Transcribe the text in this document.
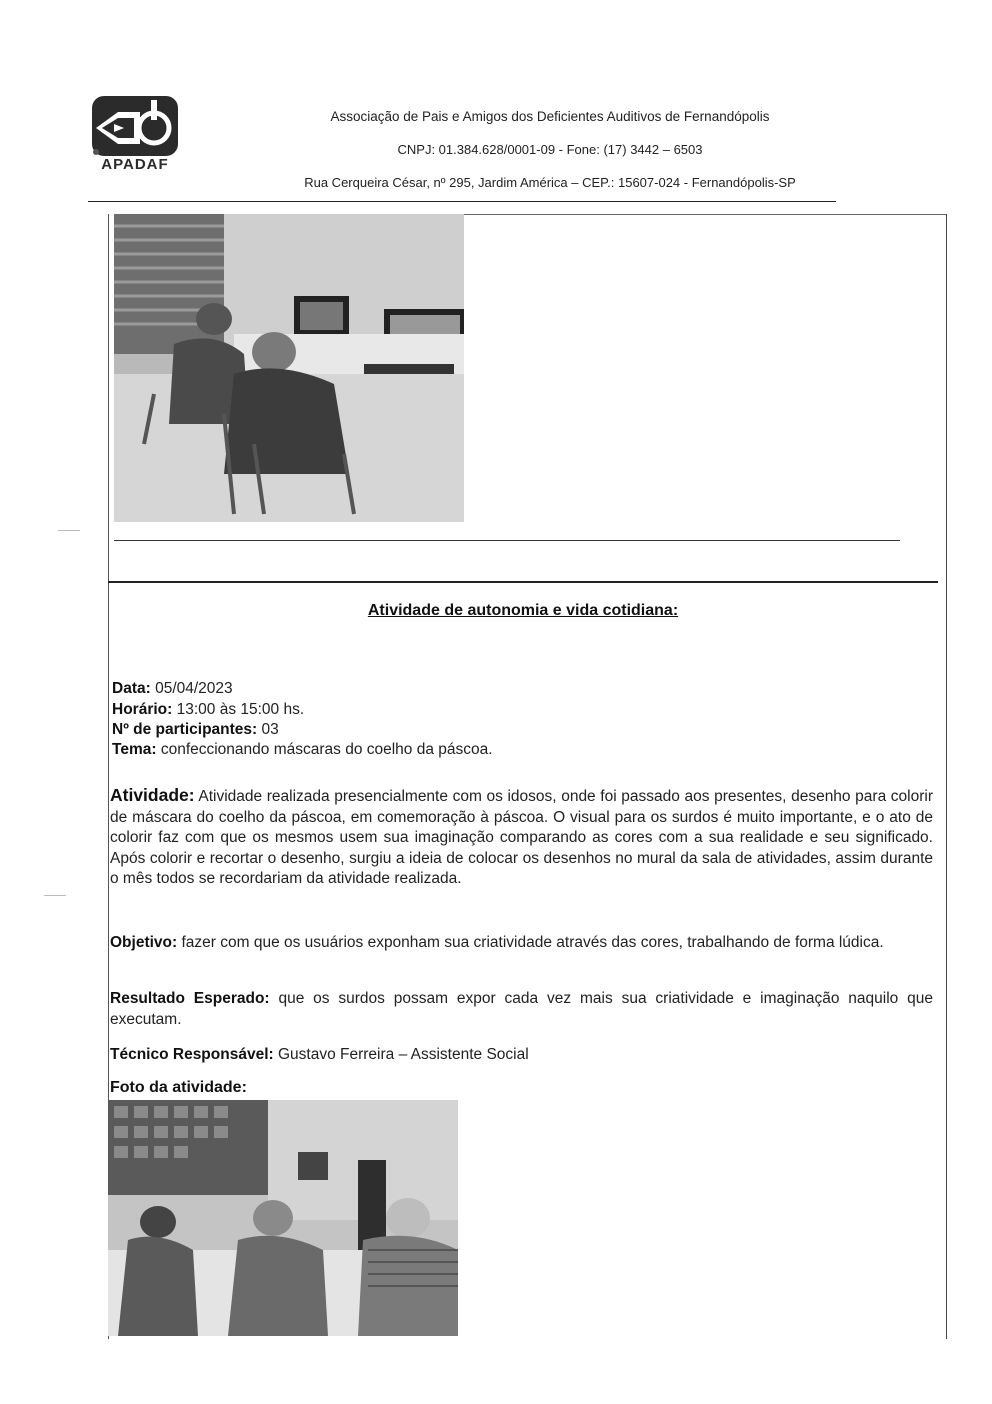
APADAF
Associação de Pais e Amigos dos Deficientes Auditivos de Fernandópolis
CNPJ: 01.384.628/0001-09 - Fone: (17) 3442 – 6503
Rua Cerqueira César, nº 295, Jardim América – CEP.: 15607-024 - Fernandópolis-SP
Atividade de autonomia e vida cotidiana:
Data: 05/04/2023
Horário: 13:00 às 15:00 hs.
Nº de participantes: 03
Tema: confeccionando máscaras do coelho da páscoa.
Atividade: Atividade realizada presencialmente com os idosos, onde foi passado aos presentes, desenho para colorir de máscara do coelho da páscoa, em comemoração à páscoa. O visual para os surdos é muito importante, e o ato de colorir faz com que os mesmos usem sua imaginação comparando as cores com a sua realidade e seu significado. Após colorir e recortar o desenho, surgiu a ideia de colocar os desenhos no mural da sala de atividades, assim durante o mês todos se recordariam da atividade realizada.
Objetivo: fazer com que os usuários exponham sua criatividade através das cores, trabalhando de forma lúdica.
Resultado Esperado: que os surdos possam expor cada vez mais sua criatividade e imaginação naquilo que executam.
Técnico Responsável: Gustavo Ferreira – Assistente Social
Foto da atividade:
